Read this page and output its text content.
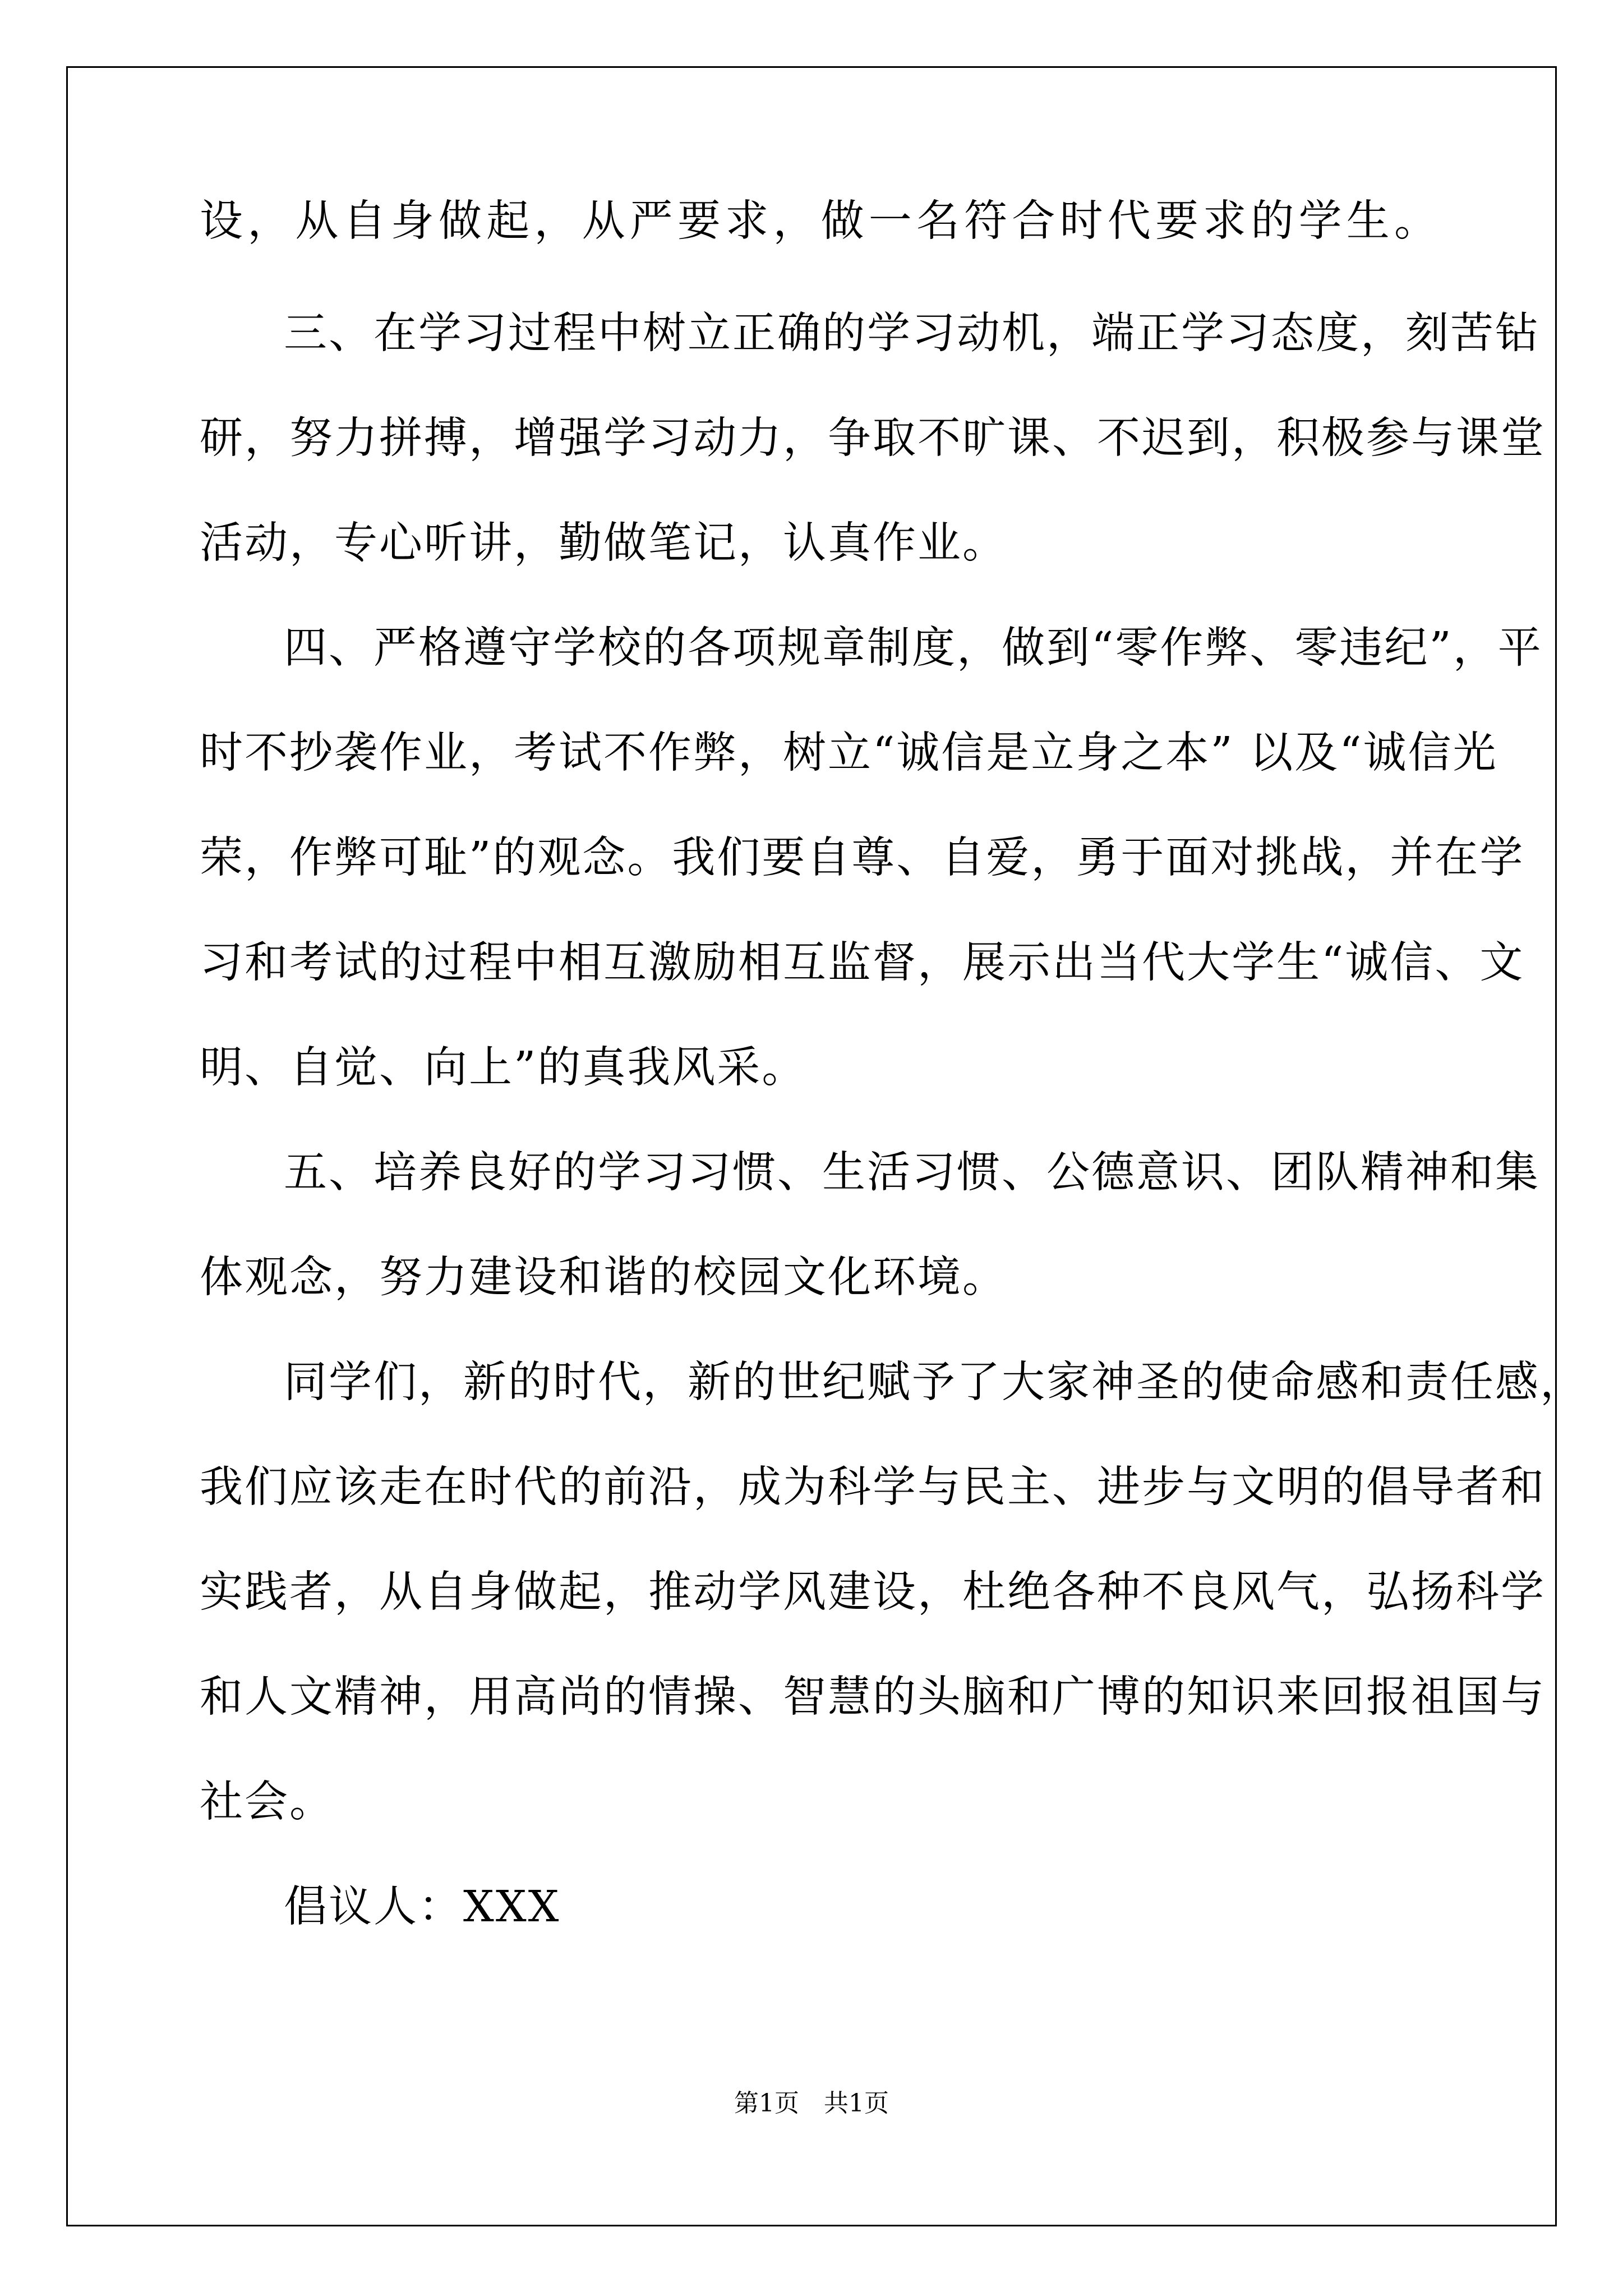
设，从自身做起，从严要求，做一名符合时代要求的学生。
三、在学习过程中树立正确的学习动机，端正学习态度，刻苦钻
研，努力拼搏，增强学习动力，争取不旷课、不迟到，积极参与课堂
活动，专心听讲，勤做笔记，认真作业。
四、严格遵守学校的各项规章制度，做到“零作弊、零违纪”，平
时不抄袭作业，考试不作弊，树立“诚信是立身之本” 以及“诚信光
荣，作弊可耻”的观念。我们要自尊、自爱，勇于面对挑战，并在学
习和考试的过程中相互激励相互监督，展示出当代大学生“诚信、文
明、自觉、向上”的真我风采。
五、培养良好的学习习惯、生活习惯、公德意识、团队精神和集
体观念，努力建设和谐的校园文化环境。
同学们，新的时代，新的世纪赋予了大家神圣的使命感和责任感，
我们应该走在时代的前沿，成为科学与民主、进步与文明的倡导者和
实践者，从自身做起，推动学风建设，杜绝各种不良风气，弘扬科学
和人文精神，用高尚的情操、智慧的头脑和广博的知识来回报祖国与
社会。
倡议人：XXX
第1页　共1页
